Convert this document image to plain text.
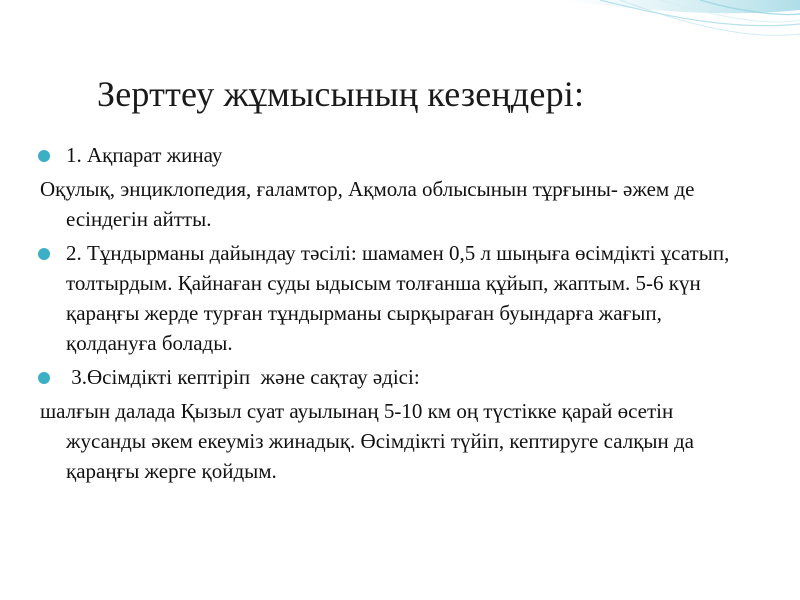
Зерттеу жұмысының кезеңдері:

1. Ақпарат жинау

Оқулық, энциклопедия, ғаламтор, Ақмола облысынын тұрғыны- әжем де есіндегін айтты.

2. Тұндырманы дайындау тәсілі: шамамен 0,5 л шыңыға өсімдікті ұсатып, толтырдым. Қайнаған суды ыдысым толғанша құйып, жаптым. 5-6 күн қараңғы жерде турған тұндырманы сырқыраған буындарға жағып, қолдануға болады.

3.Өсімдікті кептіріп  және сақтау әдісі:

шалғын далада Қызыл суат ауылынаң 5-10 км оң түстікке қарай өсетін жусанды әкем екеуміз жинадық. Өсімдікті түйіп, кептируге салқын да қараңғы жерге қойдым.
